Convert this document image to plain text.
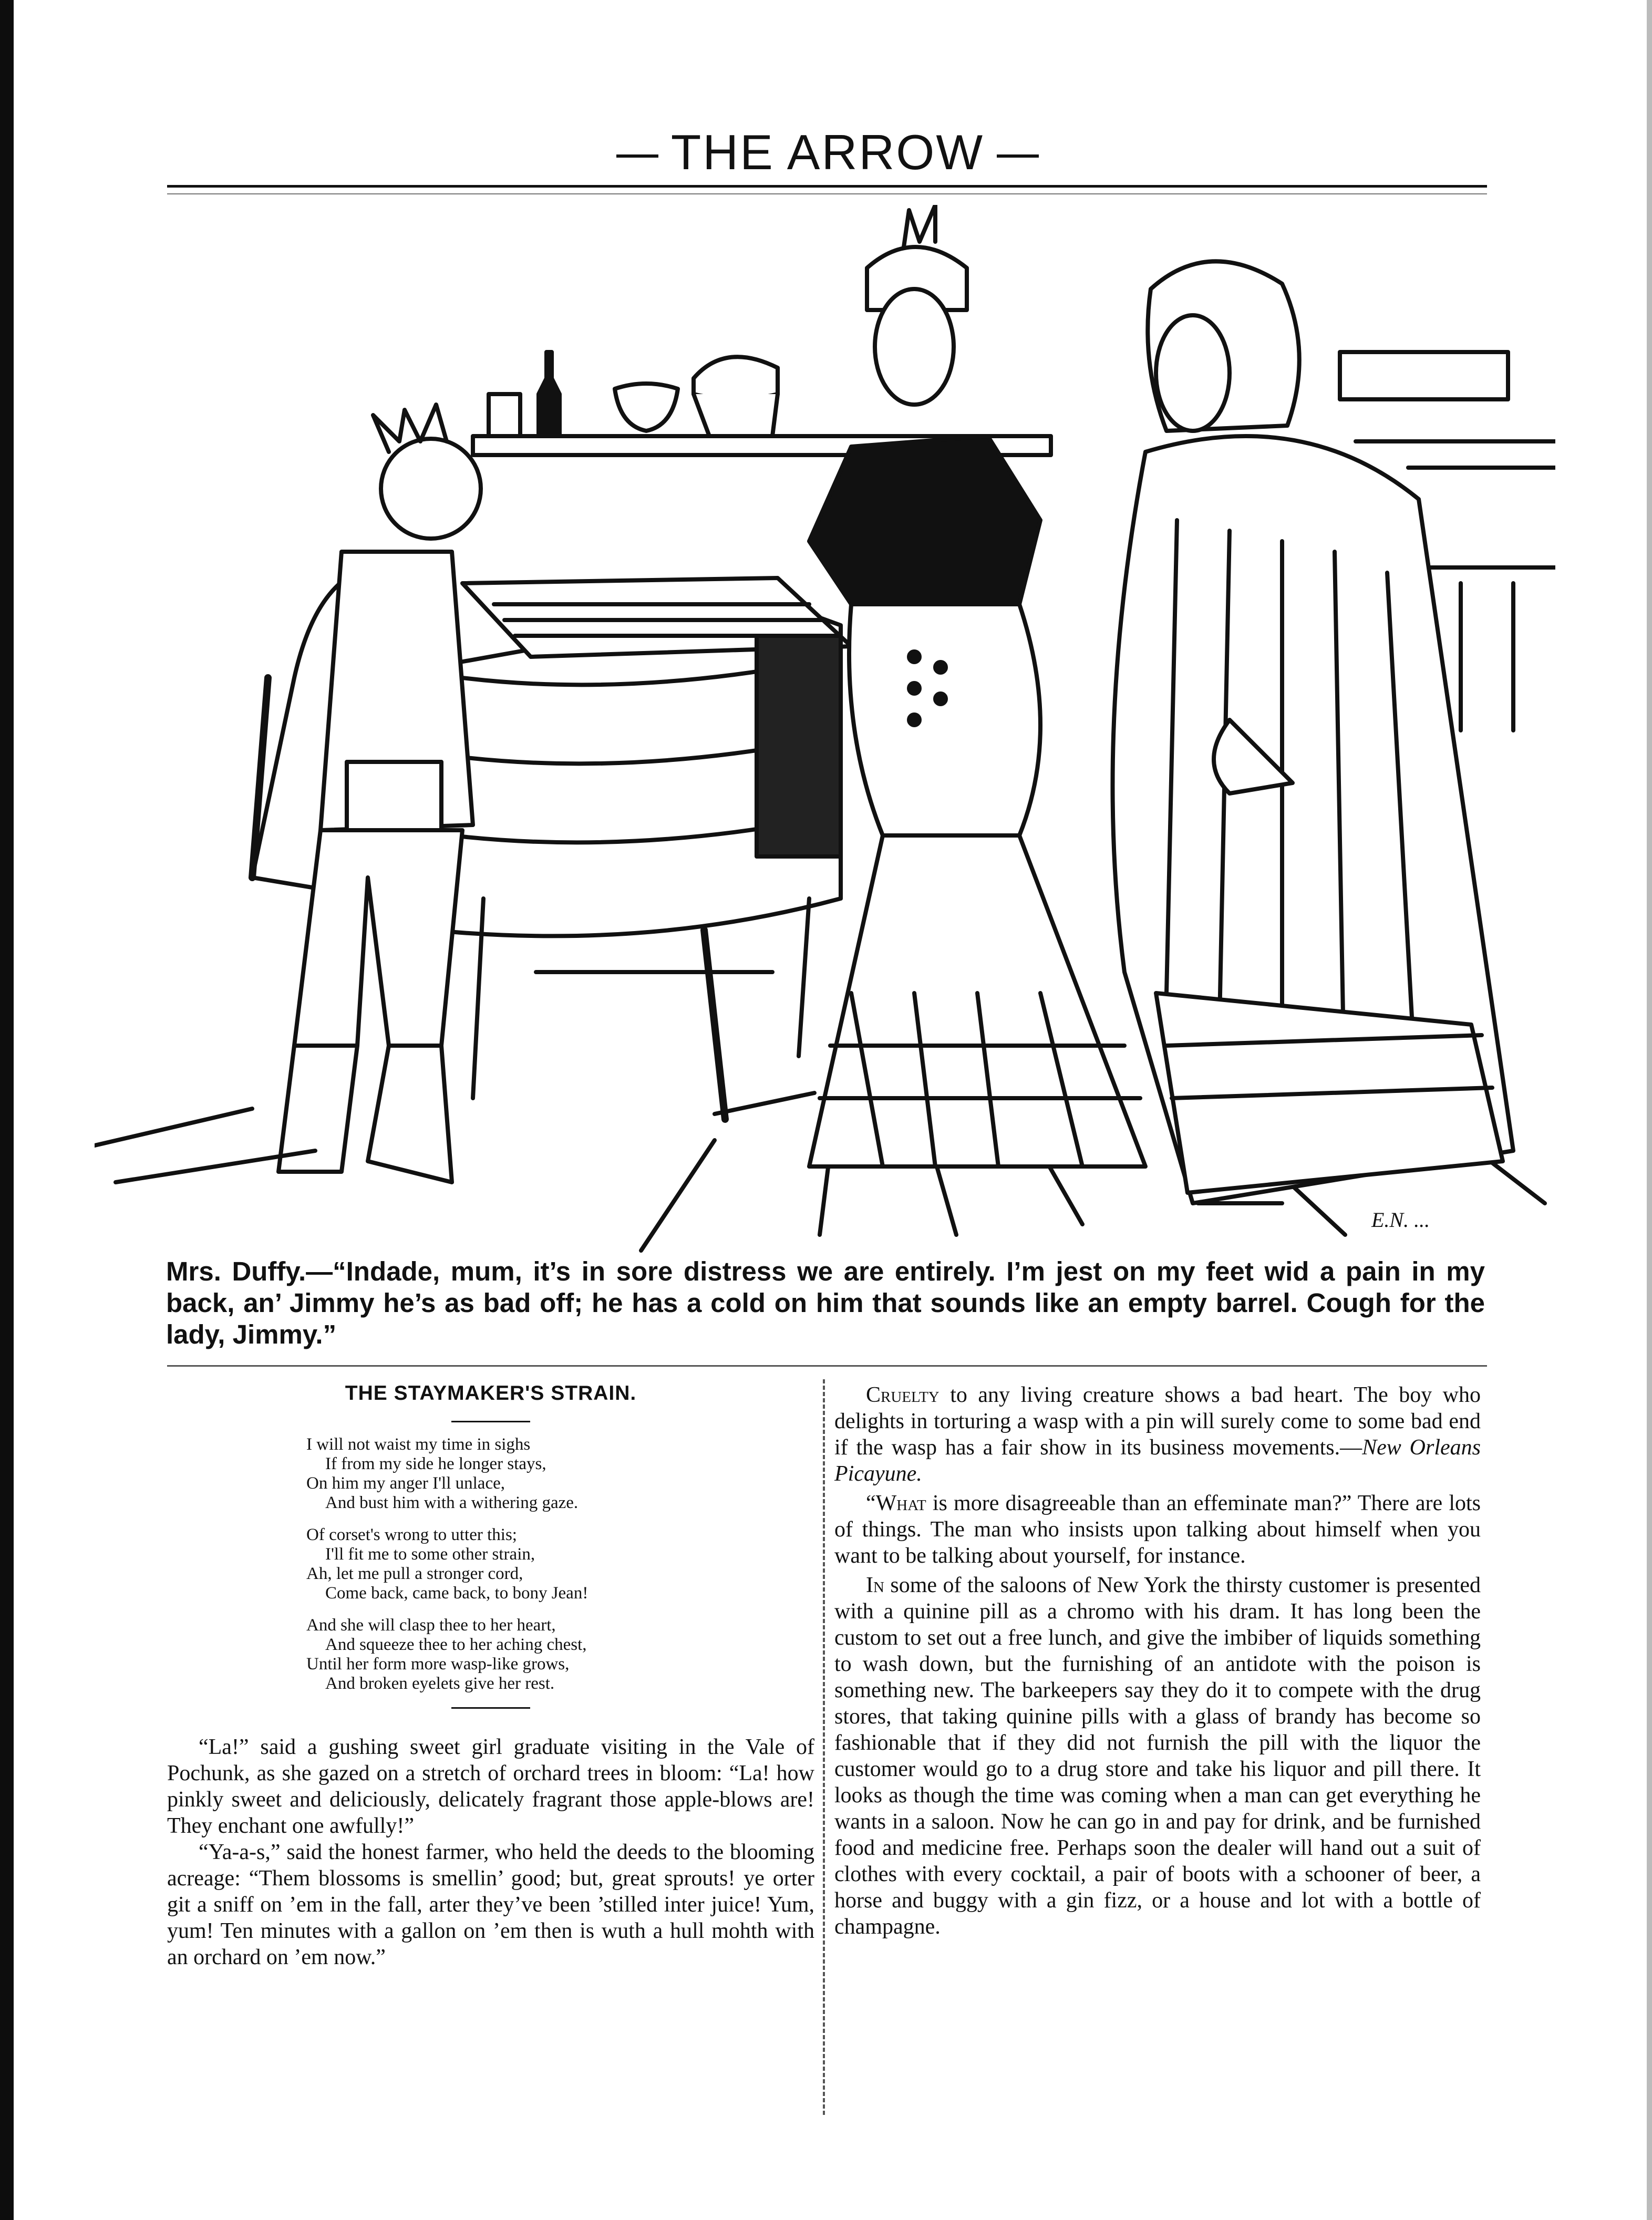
THE ARROW
E.N. ...

Mrs. Duffy.—“Indade, mum, it’s in sore distress we are entirely. I’m jest on my feet wid a pain in my back, an’ Jimmy he’s as bad off; he has a cold on him that sounds like an empty barrel. Cough for the lady, Jimmy.”

THE STAYMAKER'S STRAIN.
I will not waist my time in sighs
If from my side he longer stays,
On him my anger I'll unlace,
And bust him with a withering gaze.
Of corset's wrong to utter this;
I'll fit me to some other strain,
Ah, let me pull a stronger cord,
Come back, came back, to bony Jean!
And she will clasp thee to her heart,
And squeeze thee to her aching chest,
Until her form more wasp-like grows,
And broken eyelets give her rest.

“La!” said a gushing sweet girl graduate visiting in the Vale of Pochunk, as she gazed on a stretch of orchard trees in bloom: “La! how pinkly sweet and deliciously, delicately fragrant those apple-blows are! They enchant one awfully!”

“Ya-a-s,” said the honest farmer, who held the deeds to the blooming acreage: “Them blossoms is smellin’ good; but, great sprouts! ye orter git a sniff on ’em in the fall, arter they’ve been ’stilled inter juice! Yum, yum! Ten minutes with a gallon on ’em then is wuth a hull mohth with an orchard on ’em now.”

Cruelty to any living creature shows a bad heart. The boy who delights in torturing a wasp with a pin will surely come to some bad end if the wasp has a fair show in its business movements.—New Orleans Picayune.

“What is more disagreeable than an effeminate man?” There are lots of things. The man who insists upon talking about himself when you want to be talking about yourself, for instance.

In some of the saloons of New York the thirsty customer is presented with a quinine pill as a chromo with his dram. It has long been the custom to set out a free lunch, and give the imbiber of liquids something to wash down, but the furnishing of an antidote with the poison is something new. The barkeepers say they do it to compete with the drug stores, that taking quinine pills with a glass of brandy has become so fashionable that if they did not furnish the pill with the liquor the customer would go to a drug store and take his liquor and pill there. It looks as though the time was coming when a man can get everything he wants in a saloon. Now he can go in and pay for drink, and be furnished food and medicine free. Perhaps soon the dealer will hand out a suit of clothes with every cocktail, a pair of boots with a schooner of beer, a horse and buggy with a gin fizz, or a house and lot with a bottle of champagne.
